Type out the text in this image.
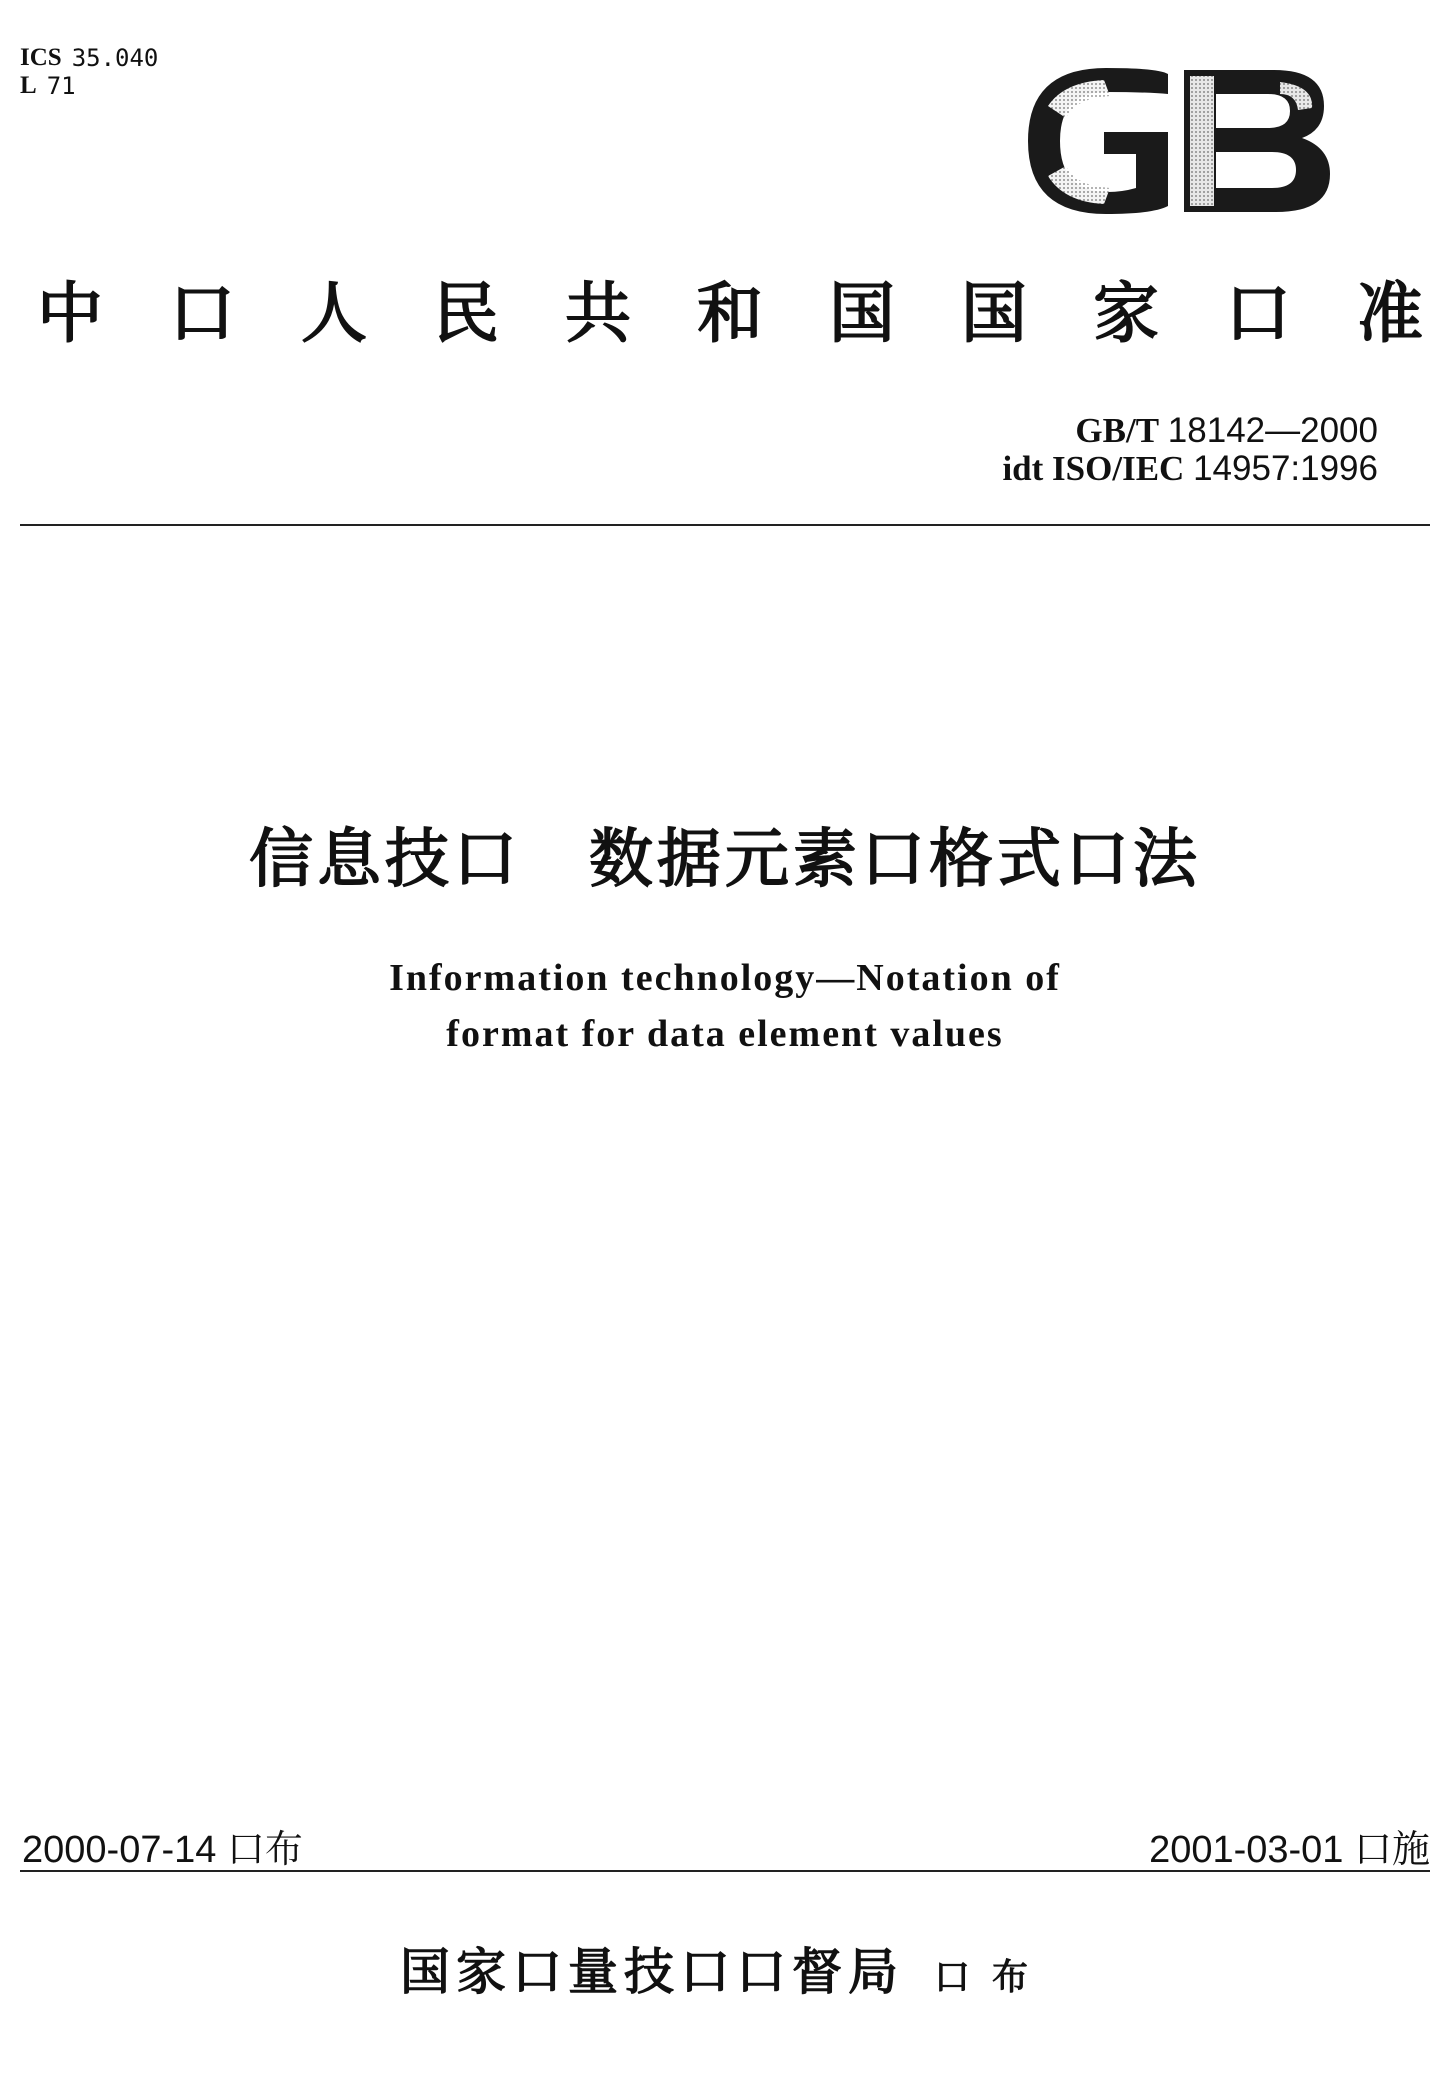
ICS 35.040
L 71
中 口 人 民 共 和 国 国 家 口 准
GB/T 18142—2000
idt ISO/IEC 14957:1996
信息技口　数据元素口格式口法
Information technology—Notation of
format for data element values
2000-07-14 口布	2001-03-01 口施
国家口量技口口督局 口布
